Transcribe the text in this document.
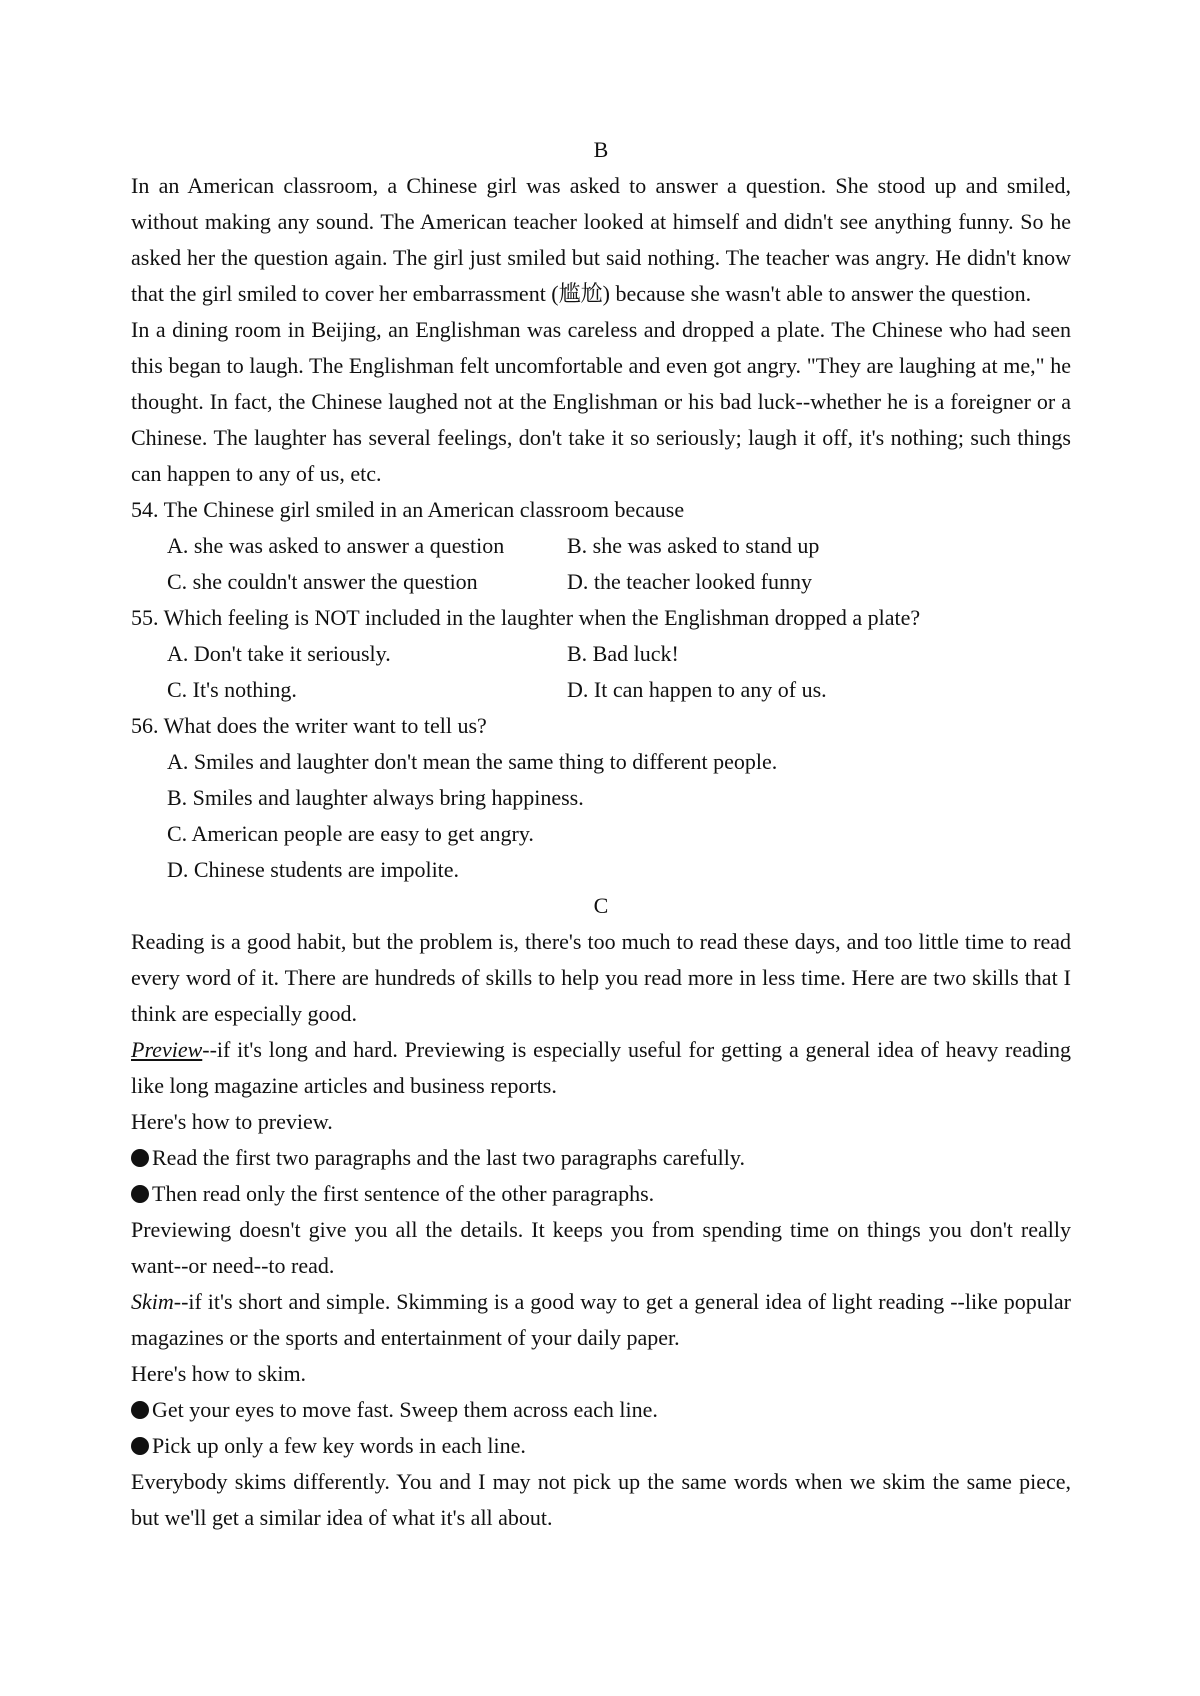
B

In an American classroom, a Chinese girl was asked to answer a question. She stood up and smiled, without making any sound. The American teacher looked at himself and didn't see anything funny. So he asked her the question again. The girl just smiled but said nothing. The teacher was angry. He didn't know that the girl smiled to cover her embarrassment (尴尬) because she wasn't able to answer the question.

In a dining room in Beijing, an Englishman was careless and dropped a plate. The Chinese who had seen this began to laugh. The Englishman felt uncomfortable and even got angry. "They are laughing at me," he thought. In fact, the Chinese laughed not at the Englishman or his bad luck--whether he is a foreigner or a Chinese. The laughter has several feelings, don't take it so seriously; laugh it off, it's nothing; such things can happen to any of us, etc.

54. The Chinese girl smiled in an American classroom because

A. she was asked to answer a question	B. she was asked to stand up
C. she couldn't answer the question	D. the teacher looked funny

55. Which feeling is NOT included in the laughter when the Englishman dropped a plate?

A. Don't take it seriously.	B. Bad luck!
C. It's nothing.	D. It can happen to any of us.

56. What does the writer want to tell us?

A. Smiles and laughter don't mean the same thing to different people.
B. Smiles and laughter always bring happiness.
C. American people are easy to get angry.
D. Chinese students are impolite.
C

Reading is a good habit, but the problem is, there's too much to read these days, and too little time to read every word of it. There are hundreds of skills to help you read more in less time. Here are two skills that I think are especially good.

Preview--if it's long and hard. Previewing is especially useful for getting a general idea of heavy reading like long magazine articles and business reports.

Here's how to preview.

Read the first two paragraphs and the last two paragraphs carefully.
Then read only the first sentence of the other paragraphs.

Previewing doesn't give you all the details. It keeps you from spending time on things you don't really want--or need--to read.

Skim--if it's short and simple. Skimming is a good way to get a general idea of light reading --like popular magazines or the sports and entertainment of your daily paper.

Here's how to skim.

Get your eyes to move fast. Sweep them across each line.
Pick up only a few key words in each line.

Everybody skims differently. You and I may not pick up the same words when we skim the same piece, but we'll get a similar idea of what it's all about.
